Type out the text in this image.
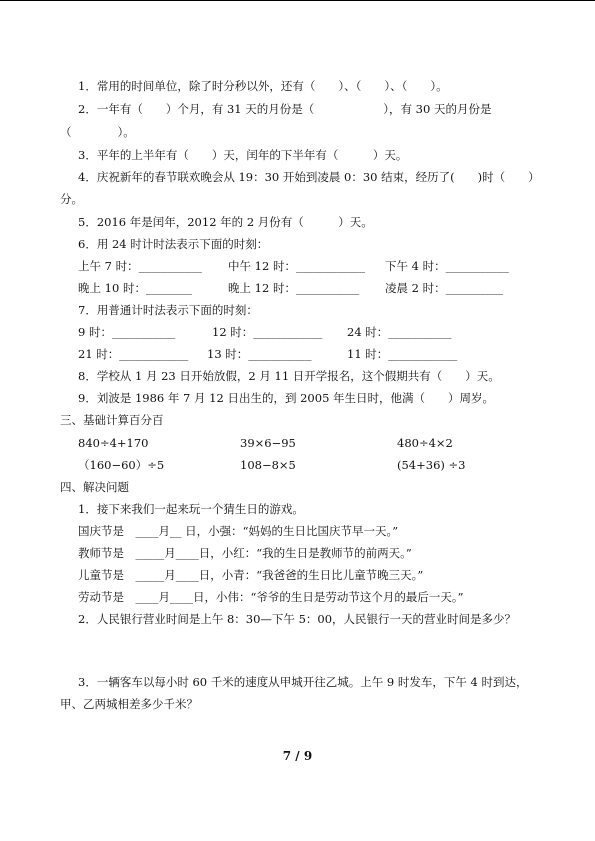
1．常用的时间单位，除了时分秒以外，还有（　　）、（　　）、（　　）。
2．一年有（　　）个月，有 31 天的月份是（　　　　　　），有 30 天的月份是
（　　　　）。
3．平年的上半年有（　　）天，闰年的下半年有（　　　）天。
4．庆祝新年的春节联欢晚会从 19：30 开始到凌晨 0：30 结束，经历了(　　)时（　　）
分。
5．2016 年是闰年，2012 年的 2 月份有（　　　）天。
6．用 24 时计时法表示下面的时刻：
上午 7 时：___________ 中午 12 时：____________ 下午 4 时：___________
晚上 10 时：________	晚上 12 时：___________ 凌晨 2 时：__________
7．用普通计时法表示下面的时刻：
9 时：___________	12 时：____________ 24 时：___________
21 时：____________ 13 时：___________	11 时：____________
8．学校从 1 月 23 日开始放假，2 月 11 日开学报名，这个假期共有（　　）天。
9．刘波是 1986 年 7 月 12 日出生的，到 2005 年生日时，他满（　　）周岁。
三、基础计算百分百
840÷4+170	39×6−95	480÷4×2
（160−60）÷5	108−8×5	(54+36) ÷3
四、解决问题
1．接下来我们一起来玩一个猜生日的游戏。
国庆节是　____月__ 日，小强：“妈妈的生日比国庆节早一天。”
教师节是　_____月____日，小红：“我的生日是教师节的前两天。”
儿童节是　_____月____日，小青：“我爸爸的生日比儿童节晚三天。”
劳动节是　____月____日，小伟：“爷爷的生日是劳动节这个月的最后一天。”
2．人民银行营业时间是上午 8：30—下午 5：00，人民银行一天的营业时间是多少？
3．一辆客车以每小时 60 千米的速度从甲城开往乙城。上午 9 时发车，下午 4 时到达，
甲、乙两城相差多少千米？
7 / 9
